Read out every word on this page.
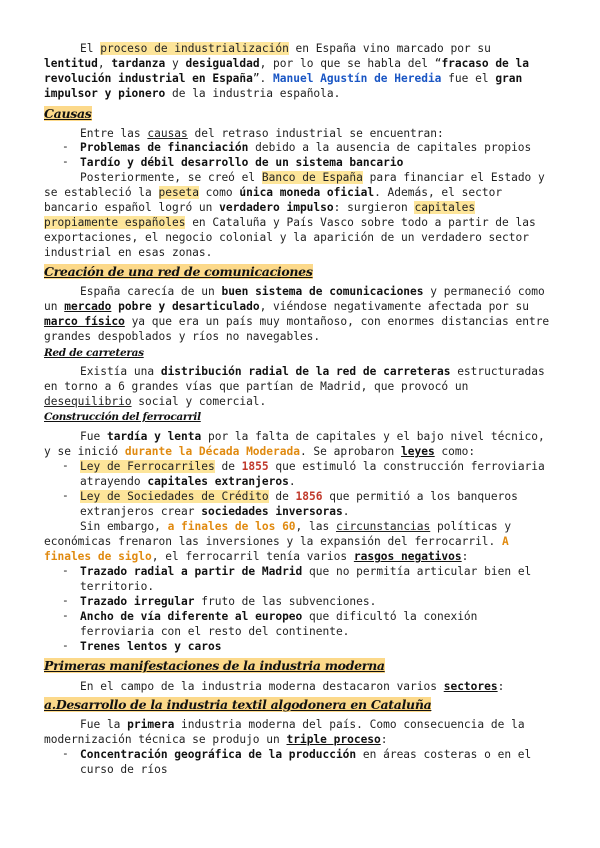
El proceso de industrialización en España vino marcado por su
lentitud, tardanza y desigualdad, por lo que se habla del “fracaso de la
revolución industrial en España”. Manuel Agustín de Heredia fue el gran
impulsor y pionero de la industria española.
Causas
Entre las causas del retraso industrial se encuentran:
- Problemas de financiación debido a la ausencia de capitales propios
- Tardío y débil desarrollo de un sistema bancario
Posteriormente, se creó el Banco de España para financiar el Estado y
se estableció la peseta como única moneda oficial. Además, el sector
bancario español logró un verdadero impulso: surgieron capitales
propiamente españoles en Cataluña y País Vasco sobre todo a partir de las
exportaciones, el negocio colonial y la aparición de un verdadero sector
industrial en esas zonas.
Creación de una red de comunicaciones
España carecía de un buen sistema de comunicaciones y permaneció como
un mercado pobre y desarticulado, viéndose negativamente afectada por su
marco físico ya que era un país muy montañoso, con enormes distancias entre
grandes despoblados y ríos no navegables.
Red de carreteras
Existía una distribución radial de la red de carreteras estructuradas
en torno a 6 grandes vías que partían de Madrid, que provocó un
desequilibrio social y comercial.
Construcción del ferrocarril
Fue tardía y lenta por la falta de capitales y el bajo nivel técnico,
y se inició durante la Década Moderada. Se aprobaron leyes como:
- Ley de Ferrocarriles de 1855 que estimuló la construcción ferroviaria
atrayendo capitales extranjeros.
- Ley de Sociedades de Crédito de 1856 que permitió a los banqueros
extranjeros crear sociedades inversoras.
Sin embargo, a finales de los 60, las circunstancias políticas y
económicas frenaron las inversiones y la expansión del ferrocarril. A
finales de siglo, el ferrocarril tenía varios rasgos negativos:
- Trazado radial a partir de Madrid que no permitía articular bien el
territorio.
- Trazado irregular fruto de las subvenciones.
- Ancho de vía diferente al europeo que dificultó la conexión
ferroviaria con el resto del continente.
- Trenes lentos y caros
Primeras manifestaciones de la industria moderna
En el campo de la industria moderna destacaron varios sectores:
a.Desarrollo de la industria textil algodonera en Cataluña
Fue la primera industria moderna del país. Como consecuencia de la
modernización técnica se produjo un triple proceso:
- Concentración geográfica de la producción en áreas costeras o en el
curso de ríos
